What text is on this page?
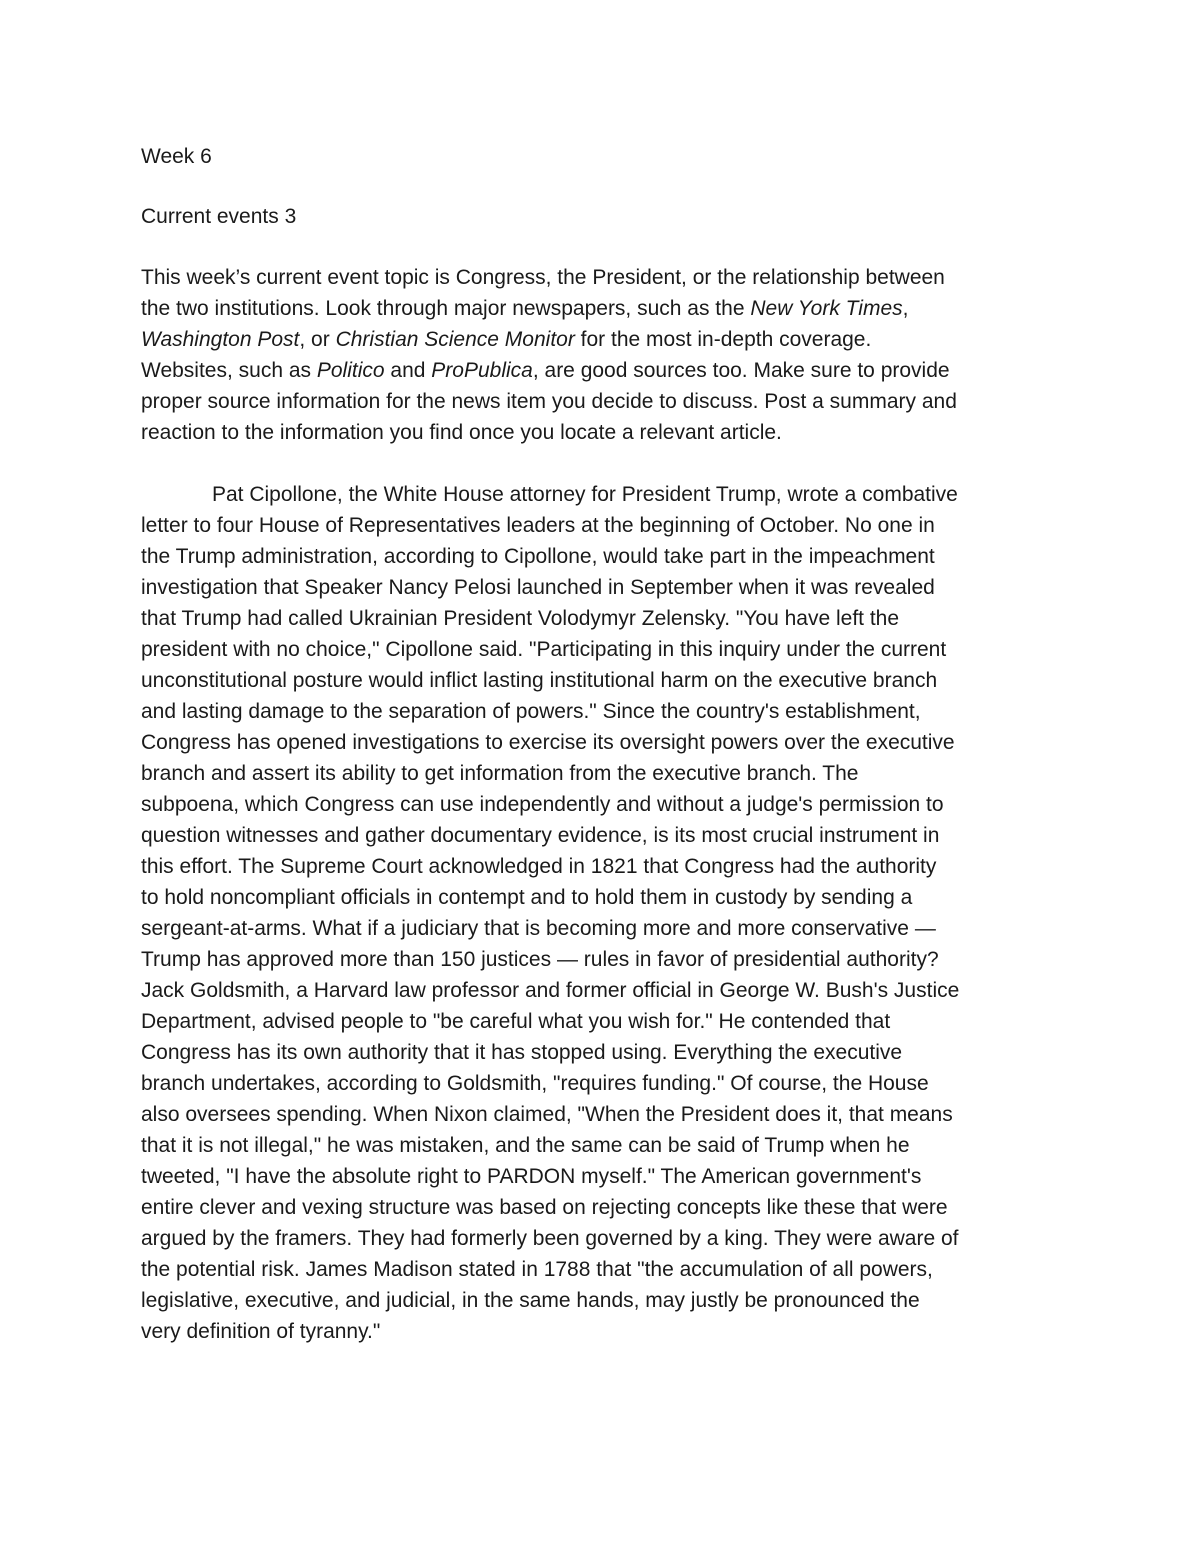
Week 6
Current events 3
This week’s current event topic is Congress, the President, or the relationship between
the two institutions. Look through major newspapers, such as the New York Times,
Washington Post, or Christian Science Monitor for the most in-depth coverage.
Websites, such as Politico and ProPublica, are good sources too. Make sure to provide
proper source information for the news item you decide to discuss. Post a summary and
reaction to the information you find once you locate a relevant article.
Pat Cipollone, the White House attorney for President Trump, wrote a combative
letter to four House of Representatives leaders at the beginning of October. No one in
the Trump administration, according to Cipollone, would take part in the impeachment
investigation that Speaker Nancy Pelosi launched in September when it was revealed
that Trump had called Ukrainian President Volodymyr Zelensky. "You have left the
president with no choice," Cipollone said. "Participating in this inquiry under the current
unconstitutional posture would inflict lasting institutional harm on the executive branch
and lasting damage to the separation of powers." Since the country's establishment,
Congress has opened investigations to exercise its oversight powers over the executive
branch and assert its ability to get information from the executive branch. The
subpoena, which Congress can use independently and without a judge's permission to
question witnesses and gather documentary evidence, is its most crucial instrument in
this effort. The Supreme Court acknowledged in 1821 that Congress had the authority
to hold noncompliant officials in contempt and to hold them in custody by sending a
sergeant-at-arms. What if a judiciary that is becoming more and more conservative —
Trump has approved more than 150 justices — rules in favor of presidential authority?
Jack Goldsmith, a Harvard law professor and former official in George W. Bush's Justice
Department, advised people to "be careful what you wish for." He contended that
Congress has its own authority that it has stopped using. Everything the executive
branch undertakes, according to Goldsmith, "requires funding." Of course, the House
also oversees spending. When Nixon claimed, "When the President does it, that means
that it is not illegal," he was mistaken, and the same can be said of Trump when he
tweeted, "I have the absolute right to PARDON myself." The American government's
entire clever and vexing structure was based on rejecting concepts like these that were
argued by the framers. They had formerly been governed by a king. They were aware of
the potential risk. James Madison stated in 1788 that "the accumulation of all powers,
legislative, executive, and judicial, in the same hands, may justly be pronounced the
very definition of tyranny."
